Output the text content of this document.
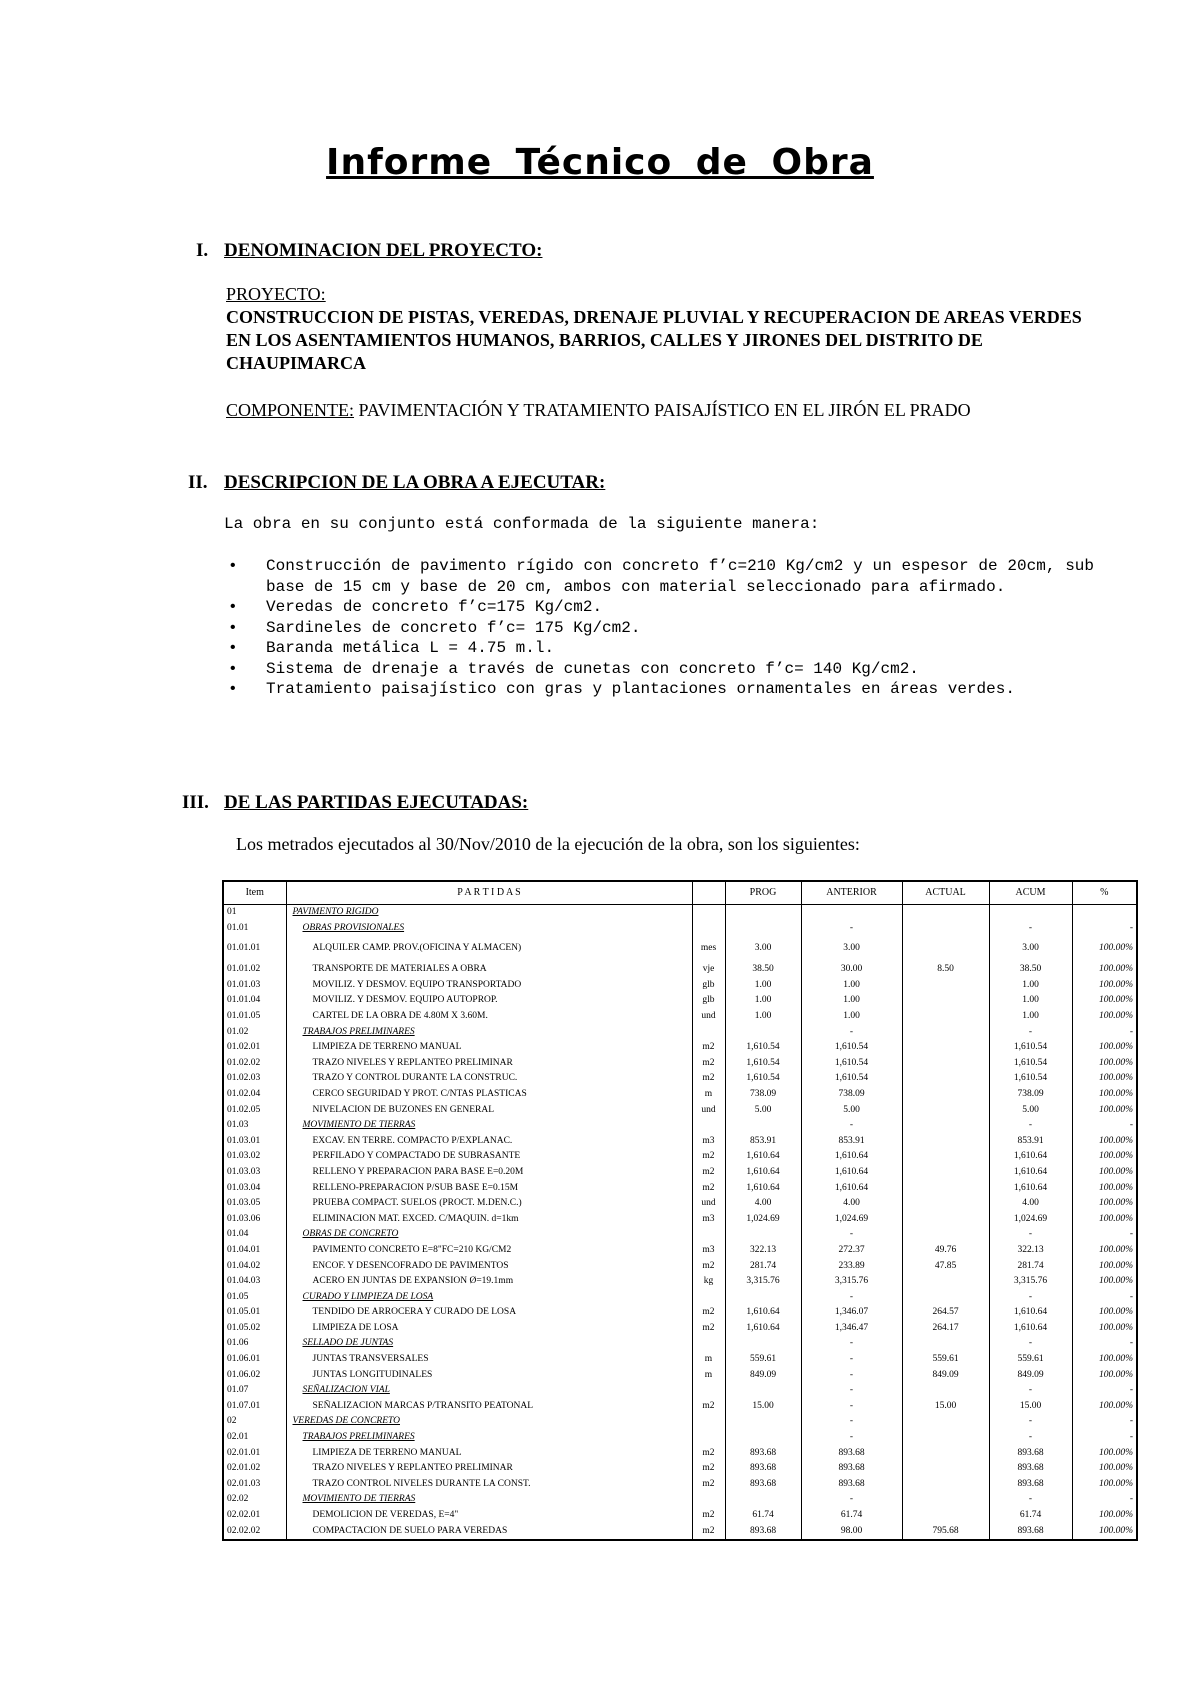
Informe Técnico de Obra
I. DENOMINACION DEL PROYECTO:
PROYECTO:
CONSTRUCCION DE PISTAS, VEREDAS, DRENAJE PLUVIAL Y RECUPERACION DE AREAS VERDES EN LOS ASENTAMIENTOS HUMANOS, BARRIOS, CALLES Y JIRONES DEL DISTRITO DE CHAUPIMARCA
COMPONENTE: PAVIMENTACIÓN Y TRATAMIENTO PAISAJÍSTICO EN EL JIRÓN EL PRADO
II. DESCRIPCION DE LA OBRA A EJECUTAR:
La obra en su conjunto está conformada de la siguiente manera:
• Construcción de pavimento rígido con concreto f’c=210 Kg/cm2 y un espesor de 20cm, sub base de 15 cm y base de 20 cm, ambos con material seleccionado para afirmado.
• Veredas de concreto f’c=175 Kg/cm2.
• Sardineles de concreto f’c= 175 Kg/cm2.
• Baranda metálica L = 4.75 m.l.
• Sistema de drenaje a través de cunetas con concreto f’c= 140 Kg/cm2.
• Tratamiento paisajístico con gras y plantaciones ornamentales en áreas verdes.
III. DE LAS PARTIDAS EJECUTADAS:
Los metrados ejecutados al 30/Nov/2010 de la ejecución de la obra, son los siguientes:
Item	P A R T I D A S		PROG	ANTERIOR	ACTUAL	ACUM	%
01	PAVIMENTO RIGIDO						
01.01	OBRAS PROVISIONALES			-		-	-
01.01.01	ALQUILER CAMP. PROV.(OFICINA Y ALMACEN)	mes	3.00	3.00		3.00	100.00%
01.01.02	TRANSPORTE DE MATERIALES A OBRA	vje	38.50	30.00	8.50	38.50	100.00%
01.01.03	MOVILIZ. Y DESMOV. EQUIPO TRANSPORTADO	glb	1.00	1.00		1.00	100.00%
01.01.04	MOVILIZ. Y DESMOV. EQUIPO AUTOPROP.	glb	1.00	1.00		1.00	100.00%
01.01.05	CARTEL DE LA OBRA DE 4.80M X 3.60M.	und	1.00	1.00		1.00	100.00%
01.02	TRABAJOS PRELIMINARES			-		-	-
01.02.01	LIMPIEZA DE TERRENO MANUAL	m2	1,610.54	1,610.54		1,610.54	100.00%
01.02.02	TRAZO NIVELES Y REPLANTEO PRELIMINAR	m2	1,610.54	1,610.54		1,610.54	100.00%
01.02.03	TRAZO Y CONTROL DURANTE LA CONSTRUC.	m2	1,610.54	1,610.54		1,610.54	100.00%
01.02.04	CERCO SEGURIDAD Y PROT. C/NTAS PLASTICAS	m	738.09	738.09		738.09	100.00%
01.02.05	NIVELACION DE BUZONES EN GENERAL	und	5.00	5.00		5.00	100.00%
01.03	MOVIMIENTO DE TIERRAS			-		-	-
01.03.01	EXCAV. EN TERRE. COMPACTO P/EXPLANAC.	m3	853.91	853.91		853.91	100.00%
01.03.02	PERFILADO Y COMPACTADO DE SUBRASANTE	m2	1,610.64	1,610.64		1,610.64	100.00%
01.03.03	RELLENO Y PREPARACION PARA BASE E=0.20M	m2	1,610.64	1,610.64		1,610.64	100.00%
01.03.04	RELLENO-PREPARACION P/SUB BASE E=0.15M	m2	1,610.64	1,610.64		1,610.64	100.00%
01.03.05	PRUEBA COMPACT. SUELOS (PROCT. M.DEN.C.)	und	4.00	4.00		4.00	100.00%
01.03.06	ELIMINACION MAT. EXCED. C/MAQUIN. d=1km	m3	1,024.69	1,024.69		1,024.69	100.00%
01.04	OBRAS DE CONCRETO			-		-	-
01.04.01	PAVIMENTO CONCRETO E=8"FC=210 KG/CM2	m3	322.13	272.37	49.76	322.13	100.00%
01.04.02	ENCOF. Y DESENCOFRADO DE PAVIMENTOS	m2	281.74	233.89	47.85	281.74	100.00%
01.04.03	ACERO EN JUNTAS DE EXPANSION Ø=19.1mm	kg	3,315.76	3,315.76		3,315.76	100.00%
01.05	CURADO Y LIMPIEZA DE LOSA			-		-	-
01.05.01	TENDIDO DE ARROCERA Y CURADO DE LOSA	m2	1,610.64	1,346.07	264.57	1,610.64	100.00%
01.05.02	LIMPIEZA DE LOSA	m2	1,610.64	1,346.47	264.17	1,610.64	100.00%
01.06	SELLADO DE JUNTAS			-		-	-
01.06.01	JUNTAS TRANSVERSALES	m	559.61	-	559.61	559.61	100.00%
01.06.02	JUNTAS LONGITUDINALES	m	849.09	-	849.09	849.09	100.00%
01.07	SEÑALIZACION VIAL			-		-	-
01.07.01	SEÑALIZACION MARCAS P/TRANSITO PEATONAL	m2	15.00	-	15.00	15.00	100.00%
02	VEREDAS DE CONCRETO			-		-	-
02.01	TRABAJOS PRELIMINARES			-		-	-
02.01.01	LIMPIEZA DE TERRENO MANUAL	m2	893.68	893.68		893.68	100.00%
02.01.02	TRAZO NIVELES Y REPLANTEO PRELIMINAR	m2	893.68	893.68		893.68	100.00%
02.01.03	TRAZO CONTROL NIVELES DURANTE LA CONST.	m2	893.68	893.68		893.68	100.00%
02.02	MOVIMIENTO DE TIERRAS			-		-	-
02.02.01	DEMOLICION DE VEREDAS, E=4"	m2	61.74	61.74		61.74	100.00%
02.02.02	COMPACTACION DE SUELO PARA VEREDAS	m2	893.68	98.00	795.68	893.68	100.00%
